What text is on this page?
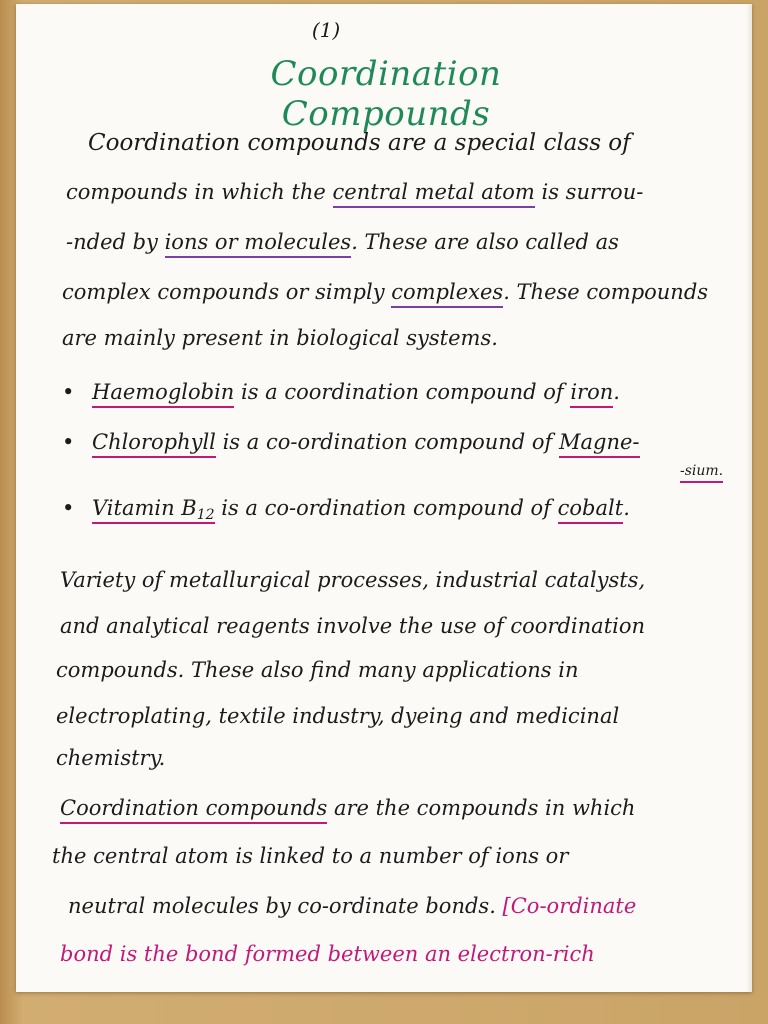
(1)
Coordination Compounds
Coordination compounds are a special class of
compounds in which the central metal atom is surrou-
-nded by ions or molecules. These are also called as
complex compounds or simply complexes. These compounds
are mainly present in biological systems.
• Haemoglobin is a coordination compound of iron.
• Chlorophyll is a co-ordination compound of Magne-
-sium.
• Vitamin $B_{12}$ is a co-ordination compound of cobalt.
Variety of metallurgical processes, industrial catalysts,
and analytical reagents involve the use of coordination
compounds. These also find many applications in
electroplating, textile industry, dyeing and medicinal
chemistry.
Coordination compounds are the compounds in which
the central atom is linked to a number of ions or
neutral molecules by co-ordinate bonds. [Co-ordinate
bond is the bond formed between an electron-rich
